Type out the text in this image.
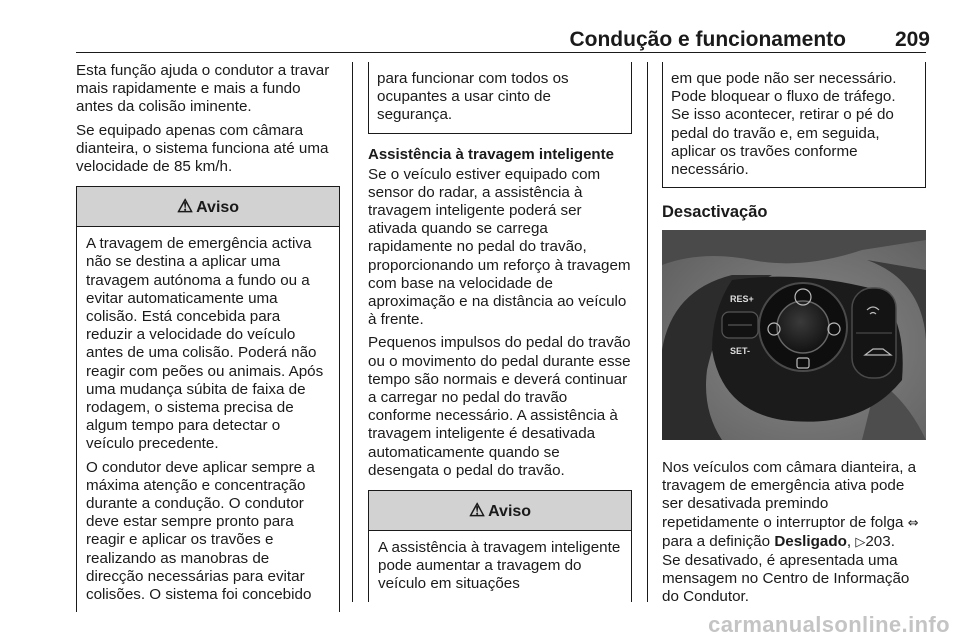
Condução e funcionamento	209

Esta função ajuda o condutor a travar mais rapidamente e mais a fundo antes da colisão iminente.

Se equipado apenas com câmara dianteira, o sistema funciona até uma velocidade de 85 km/h.

⚠ Aviso

A travagem de emergência activa não se destina a aplicar uma travagem autónoma a fundo ou a evitar automaticamente uma colisão. Está concebida para reduzir a velocidade do veículo antes de uma colisão. Poderá não reagir com peões ou animais. Após uma mudança súbita de faixa de rodagem, o sistema precisa de algum tempo para detectar o veículo precedente.

O condutor deve aplicar sempre a máxima atenção e concentração durante a condução. O condutor deve estar sempre pronto para reagir e aplicar os travões e realizando as manobras de direcção necessárias para evitar colisões. O sistema foi concebido

para funcionar com todos os ocupantes a usar cinto de segurança.

Assistência à travagem inteligente

Se o veículo estiver equipado com sensor do radar, a assistência à travagem inteligente poderá ser ativada quando se carrega rapidamente no pedal do travão, proporcionando um reforço à travagem com base na velocidade de aproximação e na distância ao veículo à frente.

Pequenos impulsos do pedal do travão ou o movimento do pedal durante esse tempo são normais e deverá continuar a carregar no pedal do travão conforme necessário. A assistência à travagem inteligente é desativada automaticamente quando se desengata o pedal do travão.

⚠ Aviso

A assistência à travagem inteligente pode aumentar a travagem do veículo em situações

em que pode não ser necessário. Pode bloquear o fluxo de tráfego. Se isso acontecer, retirar o pé do pedal do travão e, em seguida, aplicar os travões conforme necessário.

Desactivação

RES+
SET-

Nos veículos com câmara dianteira, a travagem de emergência ativa pode ser desativada premindo repetidamente o interruptor de folga ⇔ para a definição Desligado, ▷203.

Se desativado, é apresentada uma mensagem no Centro de Informação do Condutor.

carmanualsonline.info
